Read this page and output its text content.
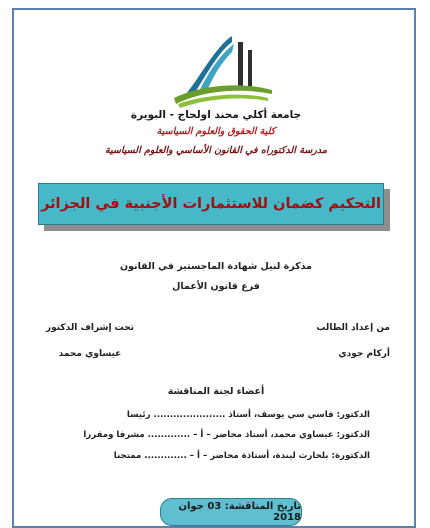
جامعة أكلي محند اولحاج - البويرة
كلية الحقوق والعلوم السياسية
مدرسة الدكتوراه في القانون الأساسي والعلوم السياسية
التحكيم كضمان للاستثمارات الأجنبية في الجزائر
مذكرة لنيل شهادة الماجستير في القانون
فرع قانون الأعمال
من إعداد الطالب
أركام جودي
تحت إشراف الدكتور
عيساوي محمد
أعضاء لجنة المناقشة
الدكتور: قاسي سي يوسف، أستاذ ...................... رئيسا
الدكتور: عيساوي محمد، أستاذ محاضر – أ – ............. مشرفا ومقررا
الدكتورة: بلحارث ليندة، أستاذة محاضر – أ – ............. ممتحنا
تاريخ المناقشة: 03 جوان 2018
